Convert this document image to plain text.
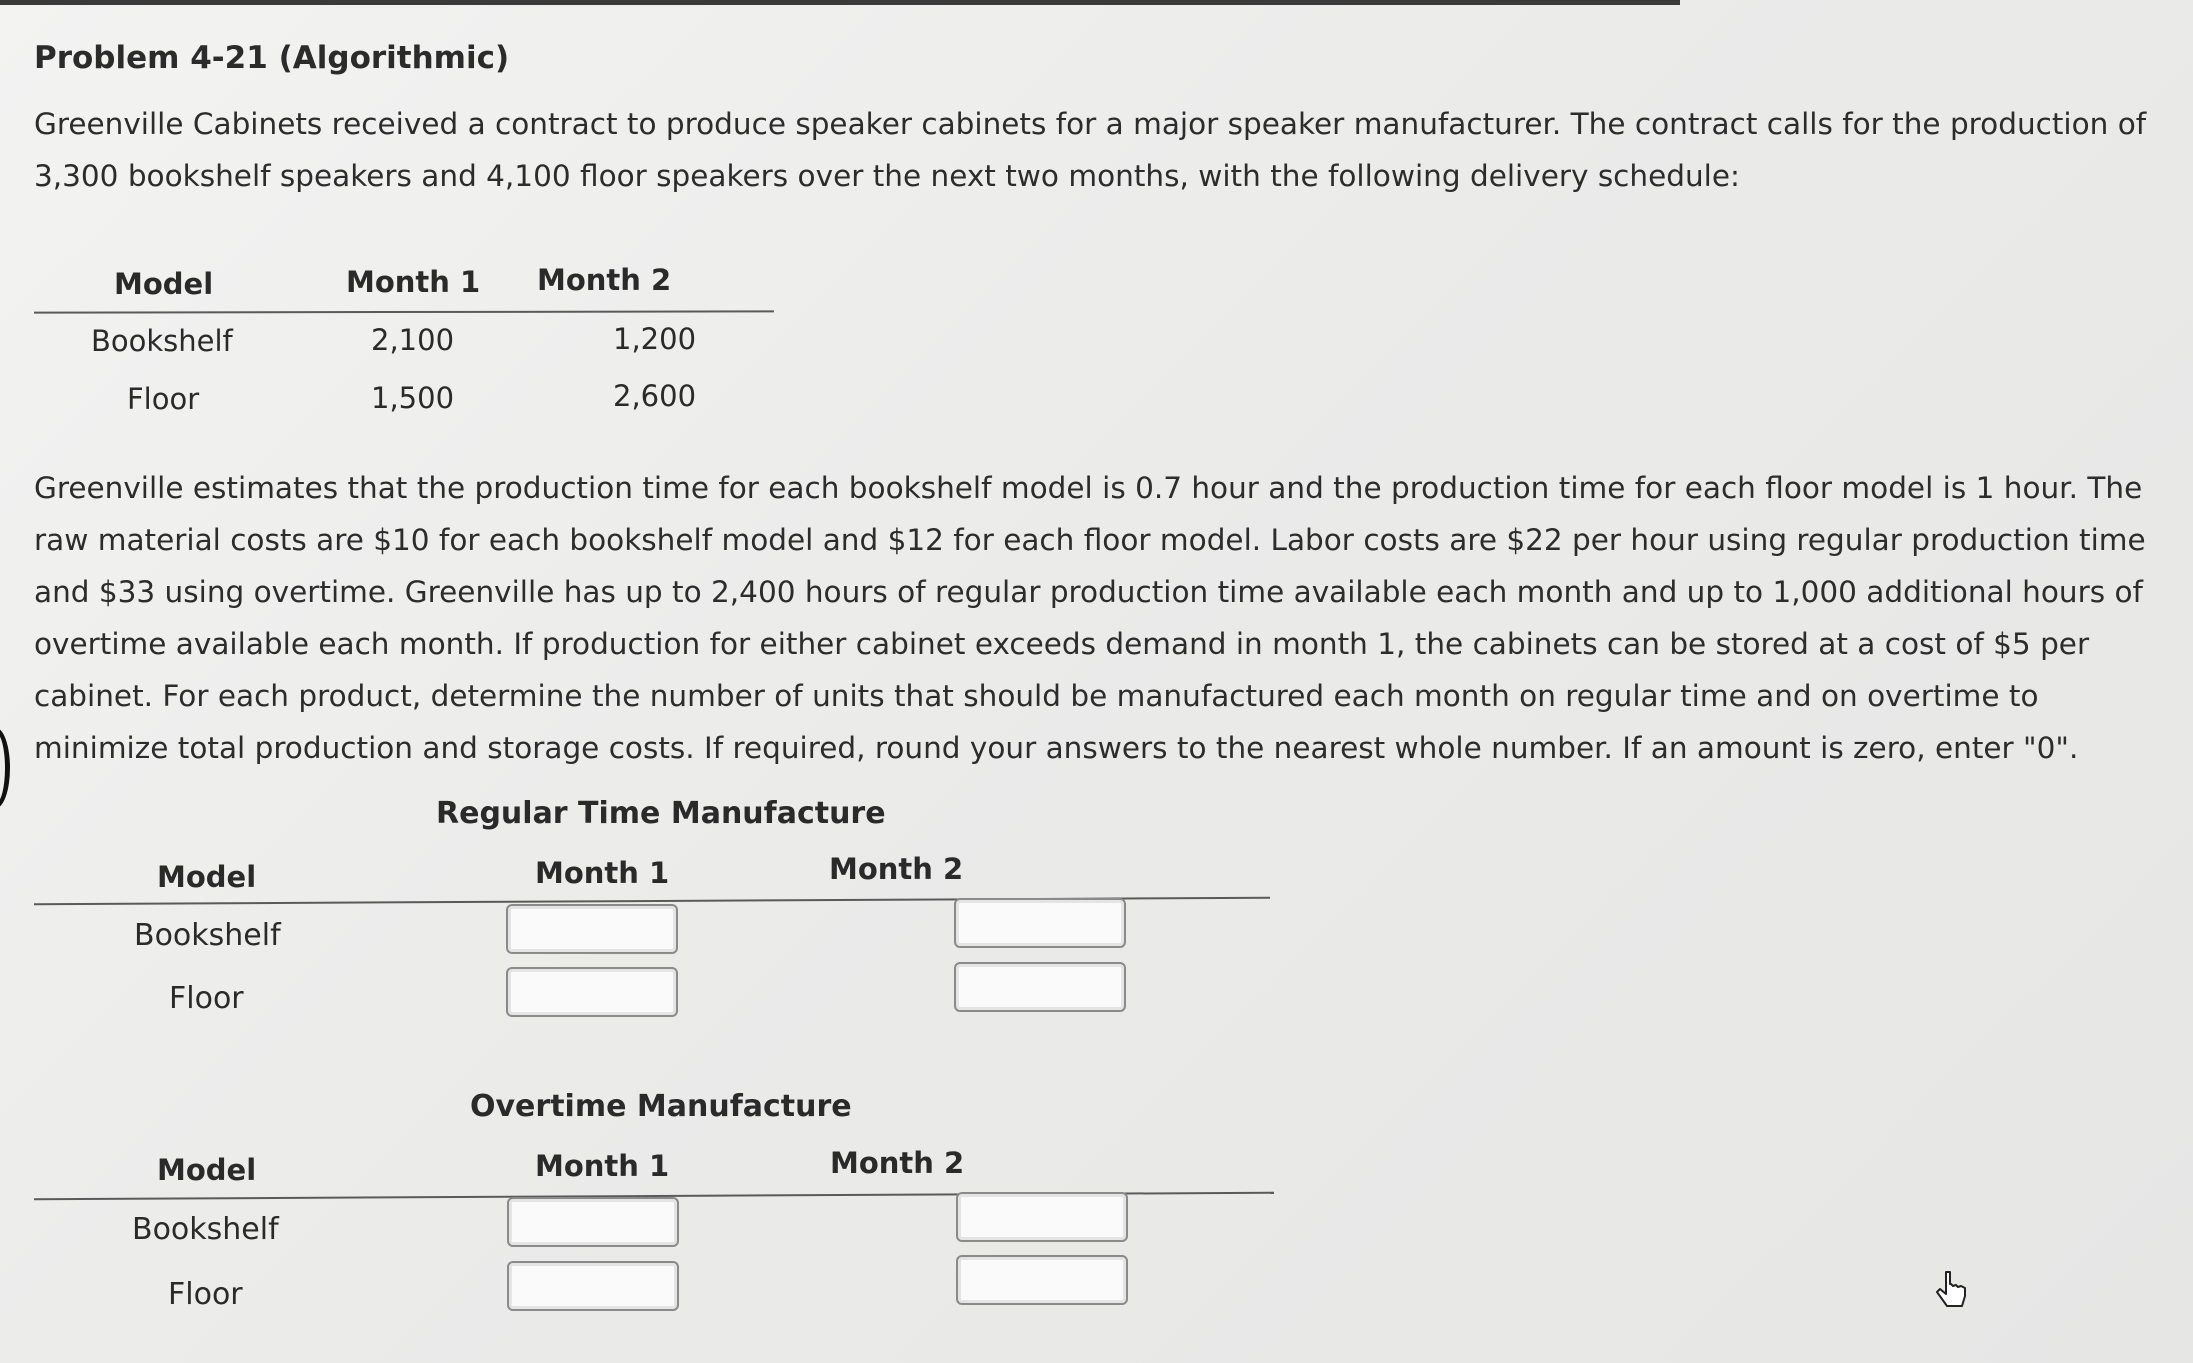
Problem 4-21 (Algorithmic)
Greenville Cabinets received a contract to produce speaker cabinets for a major speaker manufacturer. The contract calls for the production of
3,300 bookshelf speakers and 4,100 floor speakers over the next two months, with the following delivery schedule:
Model	Month 1 Month 2
Bookshelf	2,100	1,200
Floor	1,500	2,600
Greenville estimates that the production time for each bookshelf model is 0.7 hour and the production time for each floor model is 1 hour. The
raw material costs are $10 for each bookshelf model and $12 for each floor model. Labor costs are $22 per hour using regular production time
and $33 using overtime. Greenville has up to 2,400 hours of regular production time available each month and up to 1,000 additional hours of
overtime available each month. If production for either cabinet exceeds demand in month 1, the cabinets can be stored at a cost of $5 per
cabinet. For each product, determine the number of units that should be manufactured each month on regular time and on overtime to
minimize total production and storage costs. If required, round your answers to the nearest whole number. If an amount is zero, enter "0".
Regular Time Manufacture
Model	Month 1	Month 2
Bookshelf
Floor
Overtime Manufacture
Model	Month 1	Month 2
Bookshelf
Floor
